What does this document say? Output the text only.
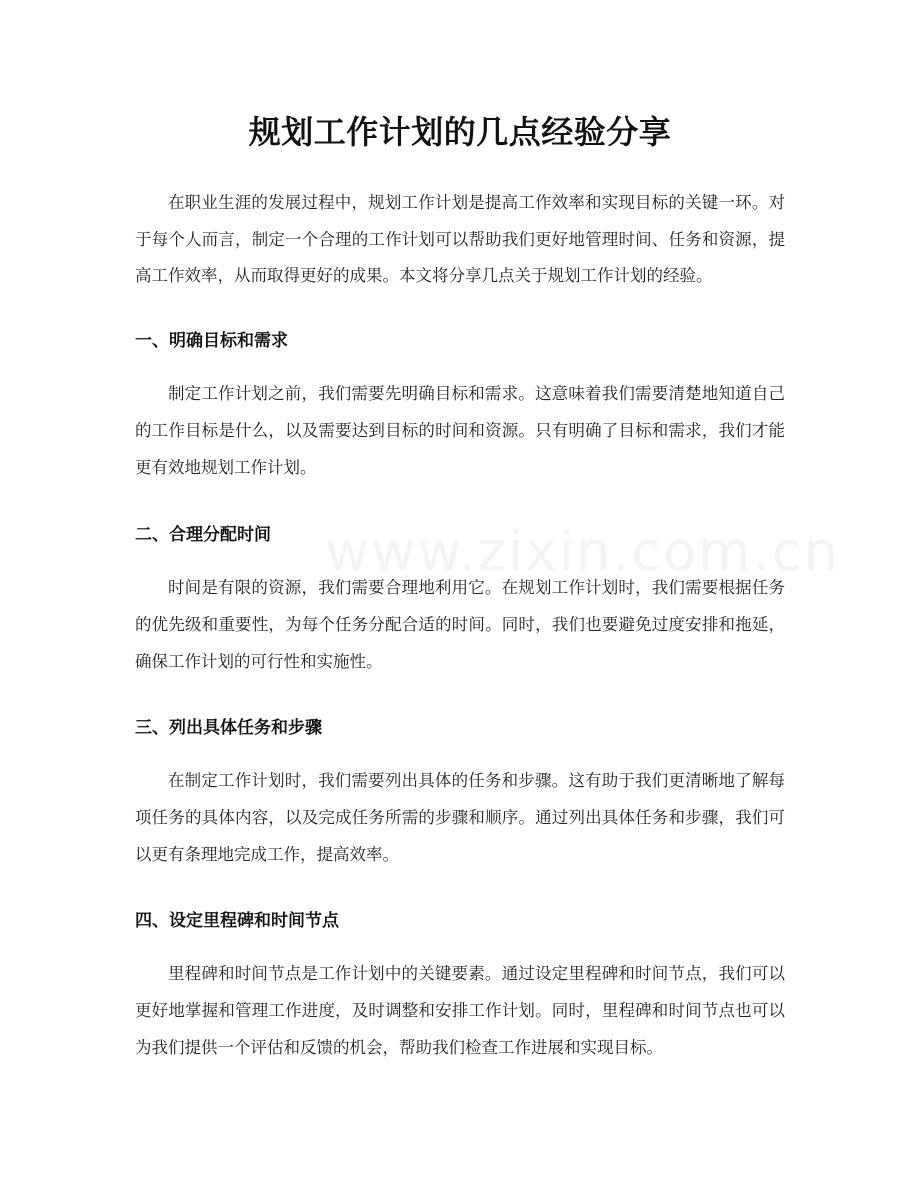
规划工作计划的几点经验分享

在职业生涯的发展过程中，规划工作计划是提高工作效率和实现目标的关键一环。对于每个人而言，制定一个合理的工作计划可以帮助我们更好地管理时间、任务和资源，提高工作效率，从而取得更好的成果。本文将分享几点关于规划工作计划的经验。

一、明确目标和需求

制定工作计划之前，我们需要先明确目标和需求。这意味着我们需要清楚地知道自己的工作目标是什么，以及需要达到目标的时间和资源。只有明确了目标和需求，我们才能更有效地规划工作计划。

二、合理分配时间

时间是有限的资源，我们需要合理地利用它。在规划工作计划时，我们需要根据任务的优先级和重要性，为每个任务分配合适的时间。同时，我们也要避免过度安排和拖延，确保工作计划的可行性和实施性。

三、列出具体任务和步骤

在制定工作计划时，我们需要列出具体的任务和步骤。这有助于我们更清晰地了解每项任务的具体内容，以及完成任务所需的步骤和顺序。通过列出具体任务和步骤，我们可以更有条理地完成工作，提高效率。

四、设定里程碑和时间节点

里程碑和时间节点是工作计划中的关键要素。通过设定里程碑和时间节点，我们可以更好地掌握和管理工作进度，及时调整和安排工作计划。同时，里程碑和时间节点也可以为我们提供一个评估和反馈的机会，帮助我们检查工作进展和实现目标。
